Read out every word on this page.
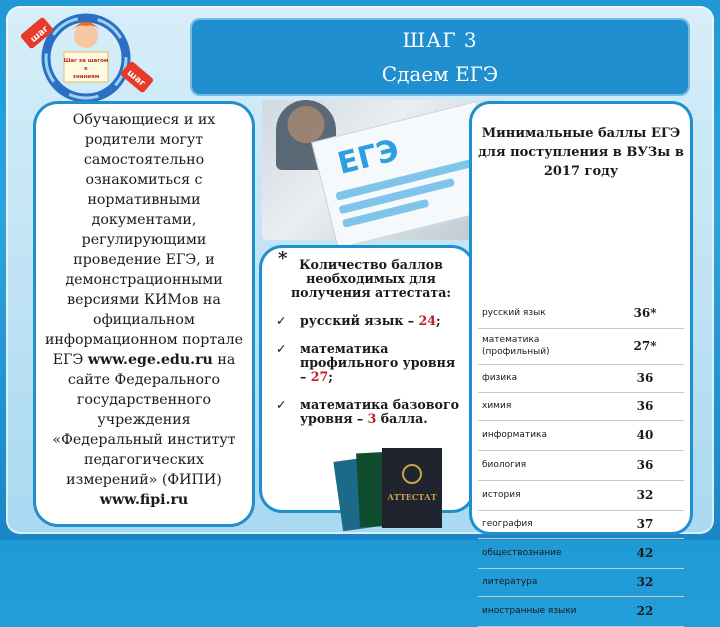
шаг
шаг
Шаг за шагом
к
знаниям
ШАГ 3
Сдаем ЕГЭ
ЕГЭ
Обучающиеся и их родители могут самостоятельно ознакомиться с нормативными документами, регулирующими проведение ЕГЭ, и демонстрационными версиями КИМов на официальном информационном портале ЕГЭ www.ege.edu.ru на сайте Федерального государственного учреждения «Федеральный институт педагогических измерений» (ФИПИ)
www.fipi.ru
* Количество баллов необходимых для получения аттестата:
✓ русский язык – 24;
✓ математика профильного уровня – 27;
✓ математика базового уровня – 3 балла.
АТТЕСТАТ
Минимальные баллы ЕГЭ для поступления в ВУЗы в 2017 году
русский язык	36*
математика (профильный)	27*
физика	36
химия	36
информатика	40
биология	36
история	32
география	37
обществознание	42
литература	32
иностранные языки	22
